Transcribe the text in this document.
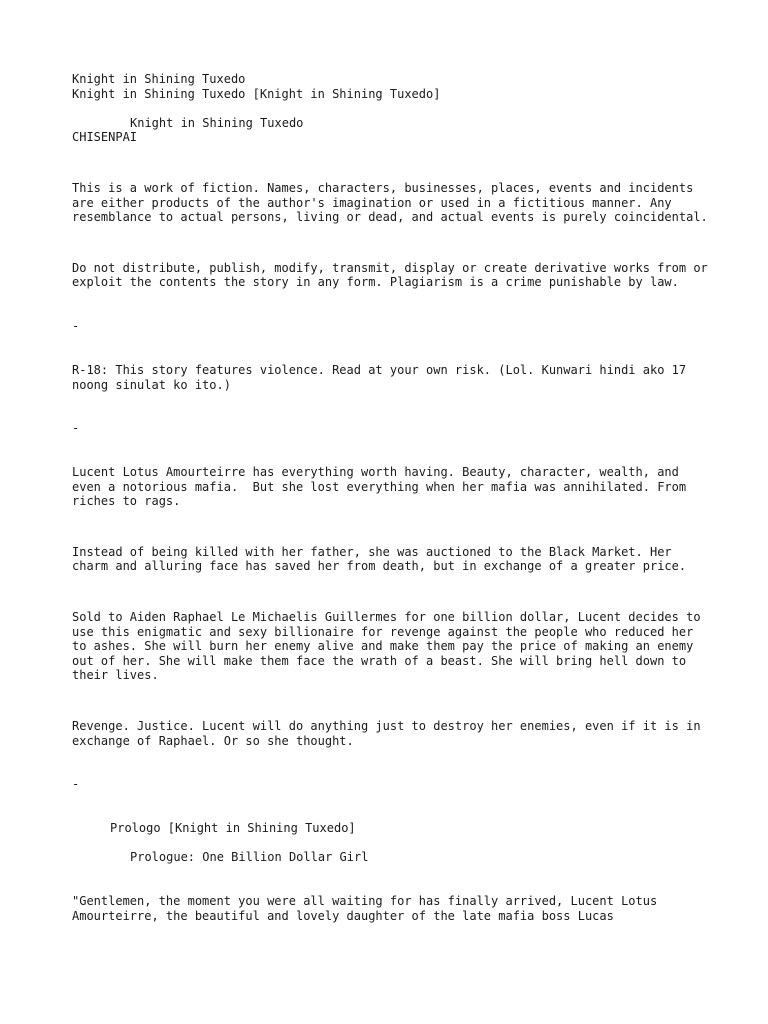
Knight in Shining Tuxedo
Knight in Shining Tuxedo [Knight in Shining Tuxedo]
Knight in Shining Tuxedo
CHISENPAI

This is a work of fiction. Names, characters, businesses, places, events and incidents are either products of the author's imagination or used in a fictitious manner. Any resemblance to actual persons, living or dead, and actual events is purely coincidental.

Do not distribute, publish, modify, transmit, display or create derivative works from or exploit the contents the story in any form. Plagiarism is a crime punishable by law.

-

R-18: This story features violence. Read at your own risk. (Lol. Kunwari hindi ako 17 noong sinulat ko ito.)

-

Lucent Lotus Amourteirre has everything worth having. Beauty, character, wealth, and even a notorious mafia.  But she lost everything when her mafia was annihilated. From riches to rags.

Instead of being killed with her father, she was auctioned to the Black Market. Her charm and alluring face has saved her from death, but in exchange of a greater price.

Sold to Aiden Raphael Le Michaelis Guillermes for one billion dollar, Lucent decides to use this enigmatic and sexy billionaire for revenge against the people who reduced her to ashes. She will burn her enemy alive and make them pay the price of making an enemy out of her. She will make them face the wrath of a beast. She will bring hell down to their lives.

Revenge. Justice. Lucent will do anything just to destroy her enemies, even if it is in exchange of Raphael. Or so she thought.

-
Prologo [Knight in Shining Tuxedo]
Prologue: One Billion Dollar Girl

"Gentlemen, the moment you were all waiting for has finally arrived, Lucent Lotus Amourteirre, the beautiful and lovely daughter of the late mafia boss Lucas
